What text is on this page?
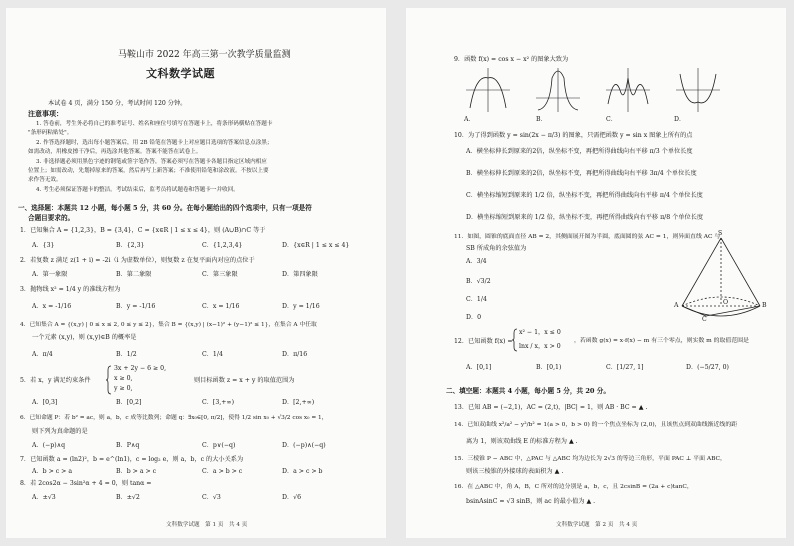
马鞍山市 2022 年高三第一次教学质量监测
文科数学试题
本试卷 4 页，满分 150 分，考试时间 120 分钟。
注意事项：
1. 答卷前，考生务必将自己的准考证号、姓名和座位号填写在答题卡上，将条形码横贴在答题卡
"条形码粘贴处"。
2. 作答选择题时，选出每小题答案后，用 2B 铅笔在答题卡上对应题目选项的答案信息点涂黑；
如需改动，用橡皮擦干净后，再选涂其他答案。答案不能答在试卷上。
3. 非选择题必须用黑色字迹的钢笔或签字笔作答，答案必须写在答题卡各题目指定区域内相应
位置上；如需改动，先划掉原来的答案，然后再写上新答案；不准使用铅笔和涂改液。不按以上要
求作答无效。
4. 考生必须保证答题卡的整洁。考试结束后，监考员将试题卷和答题卡一并收回。
一、选择题：本题共 12 小题，每小题 5 分，共 60 分。在每小题给出的四个选项中，只有一项是符
合题目要求的。
1．已知集合 A = {1,2,3}，B = {3,4}，C = {x∈R | 1 ≤ x ≤ 4}，则 (A∪B)∩C 等于
A．{3}	B．{2,3}	C．{1,2,3,4}	D．{x∈R | 1 ≤ x ≤ 4}
2．若复数 z 满足 z(1 + i) = -2i（i 为虚数单位），则复数 z 在复平面内对应的点位于
A．第一象限	B．第二象限	C．第三象限	D．第四象限
3．抛物线 x² = 1/4 y 的准线方程为
A．x = -1/16	B．y = -1/16	C．x = 1/16	D．y = 1/16
4．已知集合 A = {(x,y) | 0 ≤ x ≤ 2, 0 ≤ y ≤ 2}，集合 B = {(x,y) | (x−1)² + (y−1)² ≤ 1}，在集合 A 中任取
一个元素 (x,y)，则 (x,y)∈B 的概率是
A．π/4	B．1/2	C．1/4	D．π/16
5．若 x，y 满足约束条件
3x + 2y − 6 ≥ 0,
x ≥ 0,
y ≥ 0,
则目标函数 z = x + y 的取值范围为
A．[0,3]	B．[0,2]	C．[3,+∞)	D．[2,+∞)
6．已知命题 P：若 b² = ac，则 a，b，c 成等比数列；命题 q：∃x₀∈[0, π/2]，使得 1/2 sin x₀ + √3/2 cos x₀ = 1，
则下列为真命题的是
A．(−p)∧q	B．P∧q	C．p∨(−q)	D．(−p)∧(−q)
7．已知函数 a = (ln2)²，b = e^(ln1)，c = log₂ e，则 a，b，c 的大小关系为
A．b > c > a	B．b > a > c	C．a > b > c	D．a > c > b
8．若 2cos2α − 3sin²α + 4 = 0，则 tanα =
A．±√3	B．±√2	C．√3	D．√6
文科数学试题　第 1 页　共 4 页
9．函数 f(x) = cos x − x² 的图象大致为
A．	B．	C．	D．
10．为了得到函数 y = sin(2x − π/3) 的图象，只需把函数 y = sin x 图象上所有的点
A．横坐标伸长到原来的2倍，纵坐标不变，再把所得曲线向右平移 π/3 个单位长度
B．横坐标伸长到原来的2倍，纵坐标不变，再把所得曲线向右平移 3π/4 个单位长度
C．横坐标缩短到原来的 1/2 倍，纵坐标不变，再把所得曲线向右平移 π/4 个单位长度
D．横坐标缩短到原来的 1/2 倍，纵坐标不变，再把所得曲线向右平移 π/8 个单位长度
11．如图，圆锥的底面直径 AB = 2，其侧面展开图为半圆，底面圆的弦 AC = 1，则异面直线 AC 与
SB 所成角的余弦值为
A．3/4
B．√3/2
C．1/4
D．0
S
A	B
C
O
12．已知函数 f(x) =
x² − 1，x ≤ 0
lnx / x，x > 0
，若函数 g(x) = x·f(x) − m 有三个零点，则实数 m 的取值范围是
A．[0,1]	B．[0,1)	C．[1/27, 1]	D．(−5/27, 0)
二、填空题：本题共 4 小题，每小题 5 分，共 20 分。
13．已知 AB = (−2,1)，AC = (2,t)，|BC| = 1，则 AB · BC = ▲ .
14．已知双曲线 x²/a² − y²/b² = 1(a > 0，b > 0) 的一个焦点坐标为 (2,0)，且该焦点到双曲线渐近线的距
离为 1，则该双曲线 E 的标准方程为 ▲ .
15．三棱锥 P − ABC 中，△PAC 与 △ABC 均为边长为 2√3 的等边三角形，平面 PAC ⊥ 平面 ABC，
则该三棱锥的外接球的表面积为 ▲ .
16．在 △ABC 中，角 A，B，C 所对的边分别是 a，b，c，且 2csinB = (2a + c)tanC，
bsinAsinC = √3 sinB，则 ac 的最小值为 ▲ .
文科数学试题　第 2 页　共 4 页
